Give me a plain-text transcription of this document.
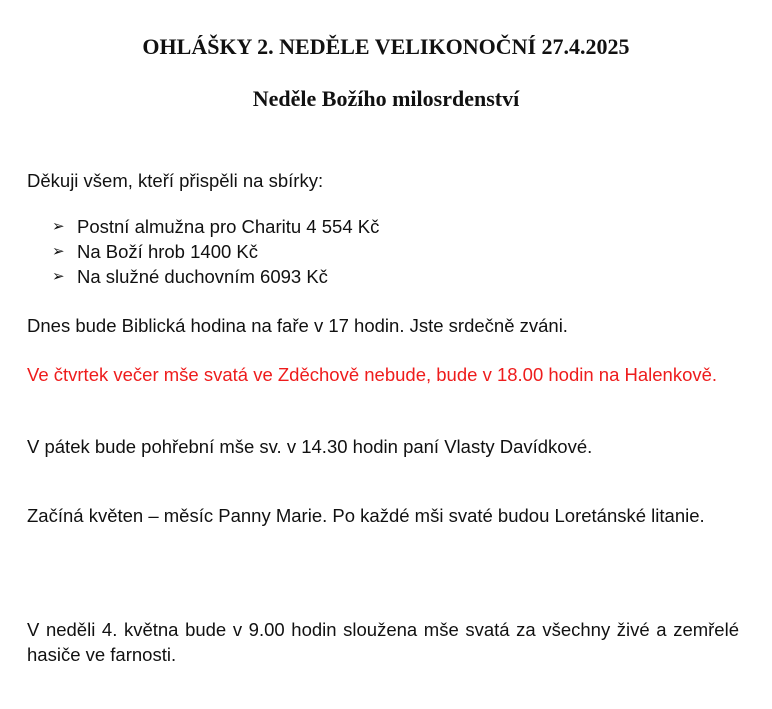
OHLÁŠKY 2. NEDĚLE VELIKONOČNÍ 27.4.2025
Neděle Božího milosrdenství

Děkuji všem, kteří přispěli na sbírky:

➢ Postní almužna pro Charitu 4 554 Kč
➢ Na Boží hrob 1400 Kč
➢ Na služné duchovním 6093 Kč

Dnes bude Biblická hodina na faře v 17 hodin. Jste srdečně zváni.

Ve čtvrtek večer mše svatá ve Zděchově nebude, bude v 18.00 hodin na Halenkově.

V pátek bude pohřební mše sv. v 14.30 hodin paní Vlasty Davídkové.

Začíná květen – měsíc Panny Marie. Po každé mši svaté budou Loretánské litanie.

V neděli 4. května bude v 9.00 hodin sloužena mše svatá za všechny živé a zemřelé hasiče ve farnosti.
